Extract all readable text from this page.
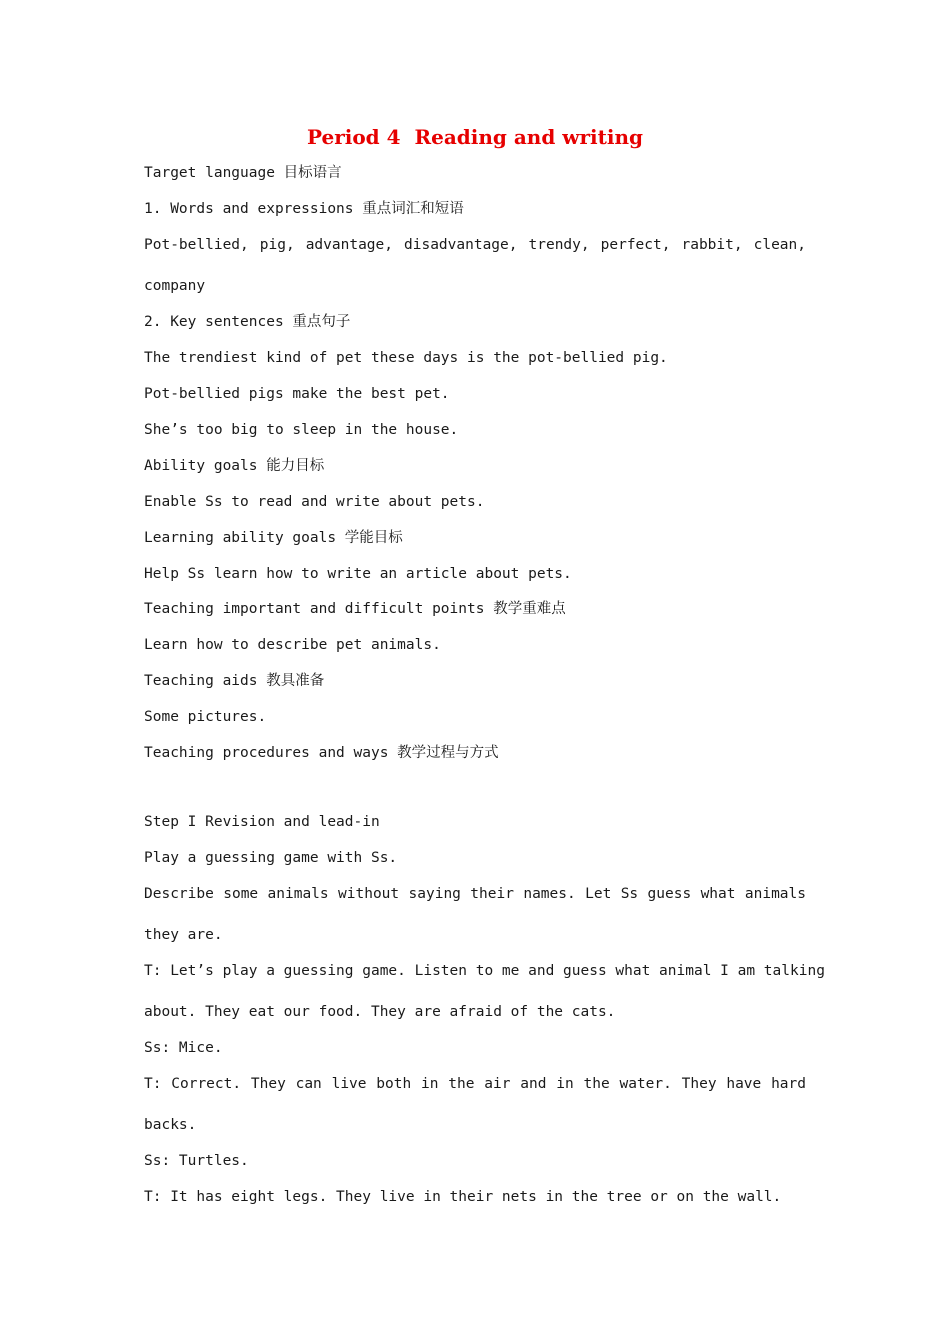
Period 4  Reading and writing

Target language 目标语言

1. Words and expressions 重点词汇和短语

Pot-bellied, pig, advantage, disadvantage, trendy, perfect, rabbit, clean,

company

2. Key sentences 重点句子

The trendiest kind of pet these days is the pot-bellied pig.

Pot-bellied pigs make the best pet.

She’s too big to sleep in the house.

Ability goals 能力目标

Enable Ss to read and write about pets.

Learning ability goals 学能目标

Help Ss learn how to write an article about pets.

Teaching important and difficult points 教学重难点

Learn how to describe pet animals.

Teaching aids 教具准备

Some pictures.

Teaching procedures and ways 教学过程与方式

Step I Revision and lead-in

Play a guessing game with Ss.

Describe some animals without saying their names. Let Ss guess what animals

they are.

T: Let’s play a guessing game. Listen to me and guess what animal I am talking

about. They eat our food. They are afraid of the cats.

Ss: Mice.

T: Correct. They can live both in the air and in the water. They have hard

backs.

Ss: Turtles.

T: It has eight legs. They live in their nets in the tree or on the wall.
